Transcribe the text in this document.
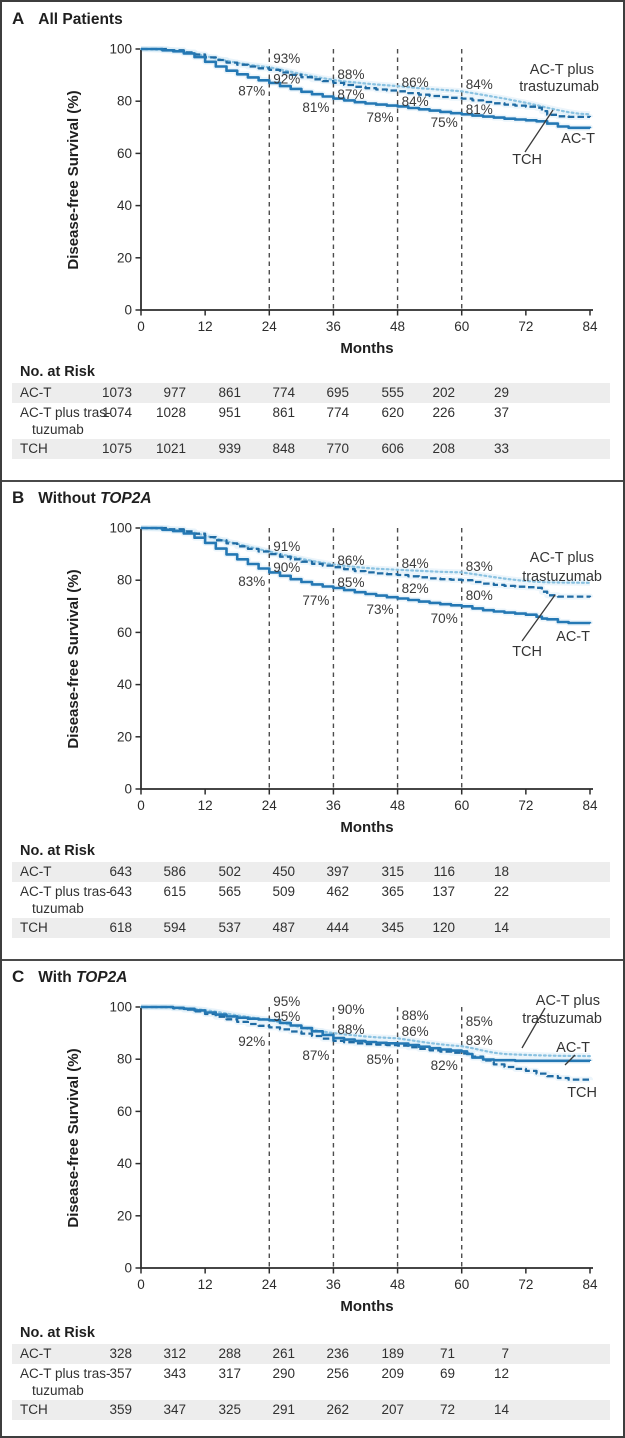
A All Patients
0
20
40
60
80
100
0	12	24	36	48	60	72	84
Months
Disease-free Survival (%)
93%
92%
87%
88%
87%
81%
86%
84%
78%
84%
81%
75%
AC-T plus
trastuzumab
AC-T
TCH
No. at Risk
AC-T	1073	977	861	774	695	555	202	29
AC-T plus tras-
tuzumab
1074	1028	951	861	774	620	226	37
TCH	1075	1021	939	848	770	606	208	33
B Without TOP2A
0
20
40
60
80
100
0	12	24	36	48	60	72	84
Months
Disease-free Survival (%)
91%
90%
83%
86%
85%
77%
84%
82%
73%
83%
80%
70%
AC-T plus
trastuzumab
AC-T
TCH
No. at Risk
AC-T	643	586	502	450	397	315	116	18
AC-T plus tras-
tuzumab
643	615	565	509	462	365	137	22
TCH	618	594	537	487	444	345	120	14
C With TOP2A
0
20
40
60
80
100
0	12	24	36	48	60	72	84
Months
Disease-free Survival (%)
95%
95%
92%
90%
88%
87%
88%
86%
85%
85%
83%
82%
AC-T plus
trastuzumab
AC-T
TCH
No. at Risk
AC-T	328	312	288	261	236	189	71	7
AC-T plus tras-
tuzumab
357	343	317	290	256	209	69	12
TCH	359	347	325	291	262	207	72	14
